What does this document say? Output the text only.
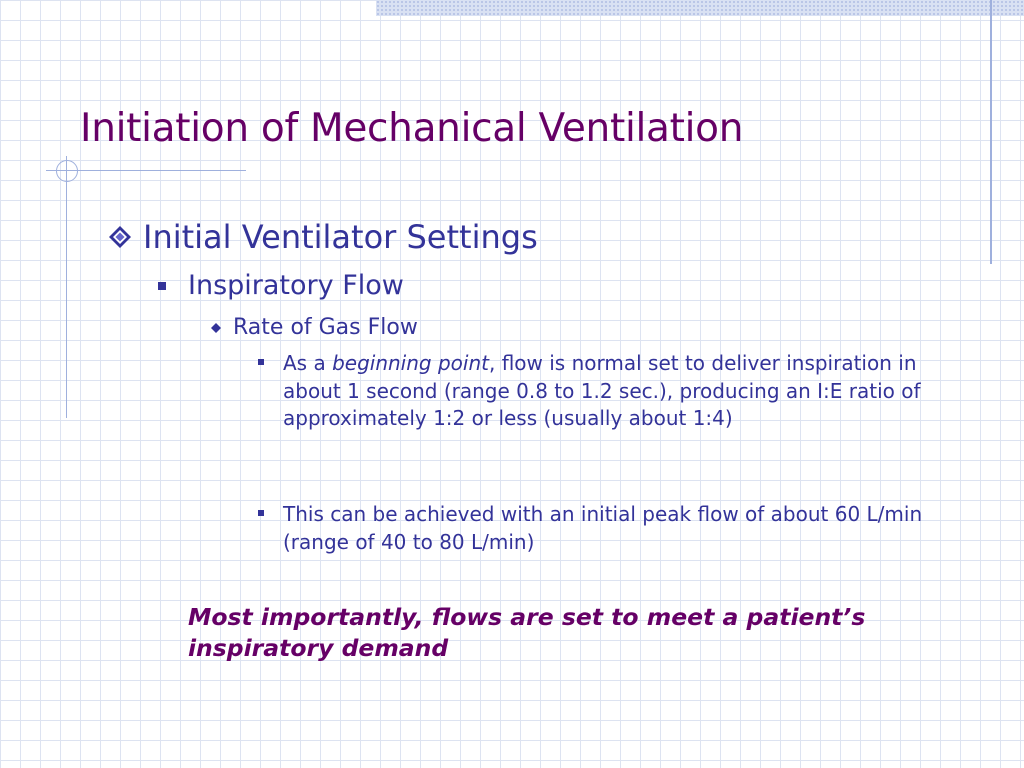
Initiation of Mechanical Ventilation
Initial Ventilator Settings
Inspiratory Flow
Rate of Gas Flow
As a beginning point, flow is normal set to deliver inspiration in about 1 second (range 0.8 to 1.2 sec.), producing an I:E ratio of approximately 1:2 or less (usually about 1:4)
This can be achieved with an initial peak flow of about 60 L/min (range of 40 to 80 L/min)

Most importantly, flows are set to meet a patient’s inspiratory demand
